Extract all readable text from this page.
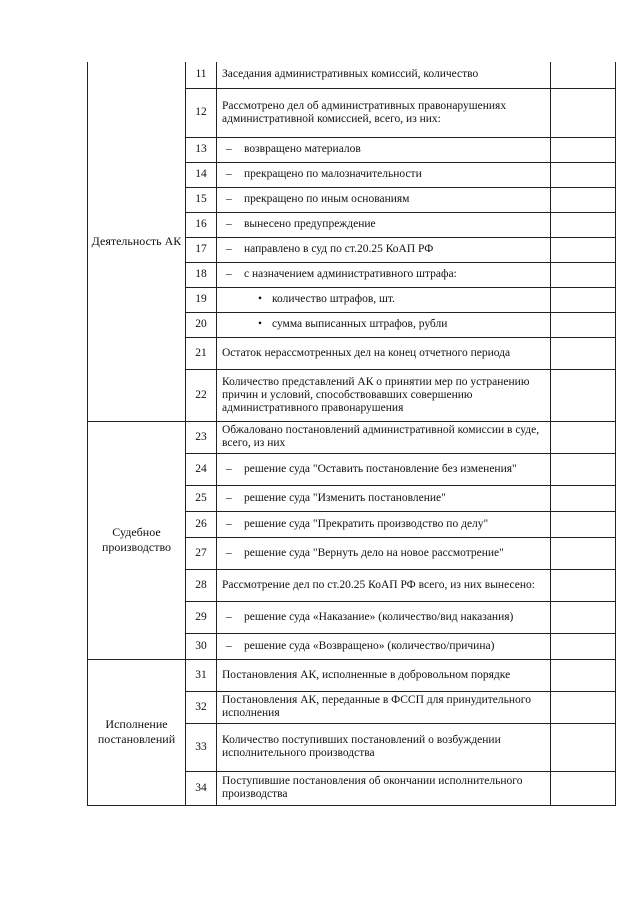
Деятельность АК	11	Заседания административных комиссий, количество	
	12	Рассмотрено дел об административных правонарушениях административной комиссией, всего, из них:	
	13	– возвращено материалов	
	14	– прекращено по малозначительности	
	15	– прекращено по иным основаниям	
	16	– вынесено предупреждение	
	17	– направлено в суд по ст.20.25 КоАП РФ	
	18	– с назначением административного штрафа:	
	19	• количество штрафов, шт.	
	20	• сумма выписанных штрафов, рубли	
	21	Остаток нерассмотренных дел на конец отчетного периода	
	22	Количество представлений АК о принятии мер по устранению причин и условий, способствовавших совершению административного правонарушения	
Судебное производство	23	Обжаловано постановлений административной комиссии в суде, всего, из них	
	24	– решение суда "Оставить постановление без изменения"	

	25	– решение суда "Изменить постановление"	
	26	– решение суда "Прекратить производство по делу"	
	27	– решение суда "Вернуть дело на новое рассмотрение"	

	28	Рассмотрение дел по ст.20.25 КоАП РФ всего, из них вынесено:	
	29	– решение суда «Наказание» (количество/вид наказания)	

	30	– решение суда «Возвращено» (количество/причина)	
Исполнение постановлений	31	Постановления АК, исполненные в добровольном порядке	
	32	Постановления АК, переданные в ФССП для принудительного исполнения	
	33	Количество поступивших постановлений о возбуждении исполнительного производства	
	34	Поступившие постановления об окончании исполнительного производства	
